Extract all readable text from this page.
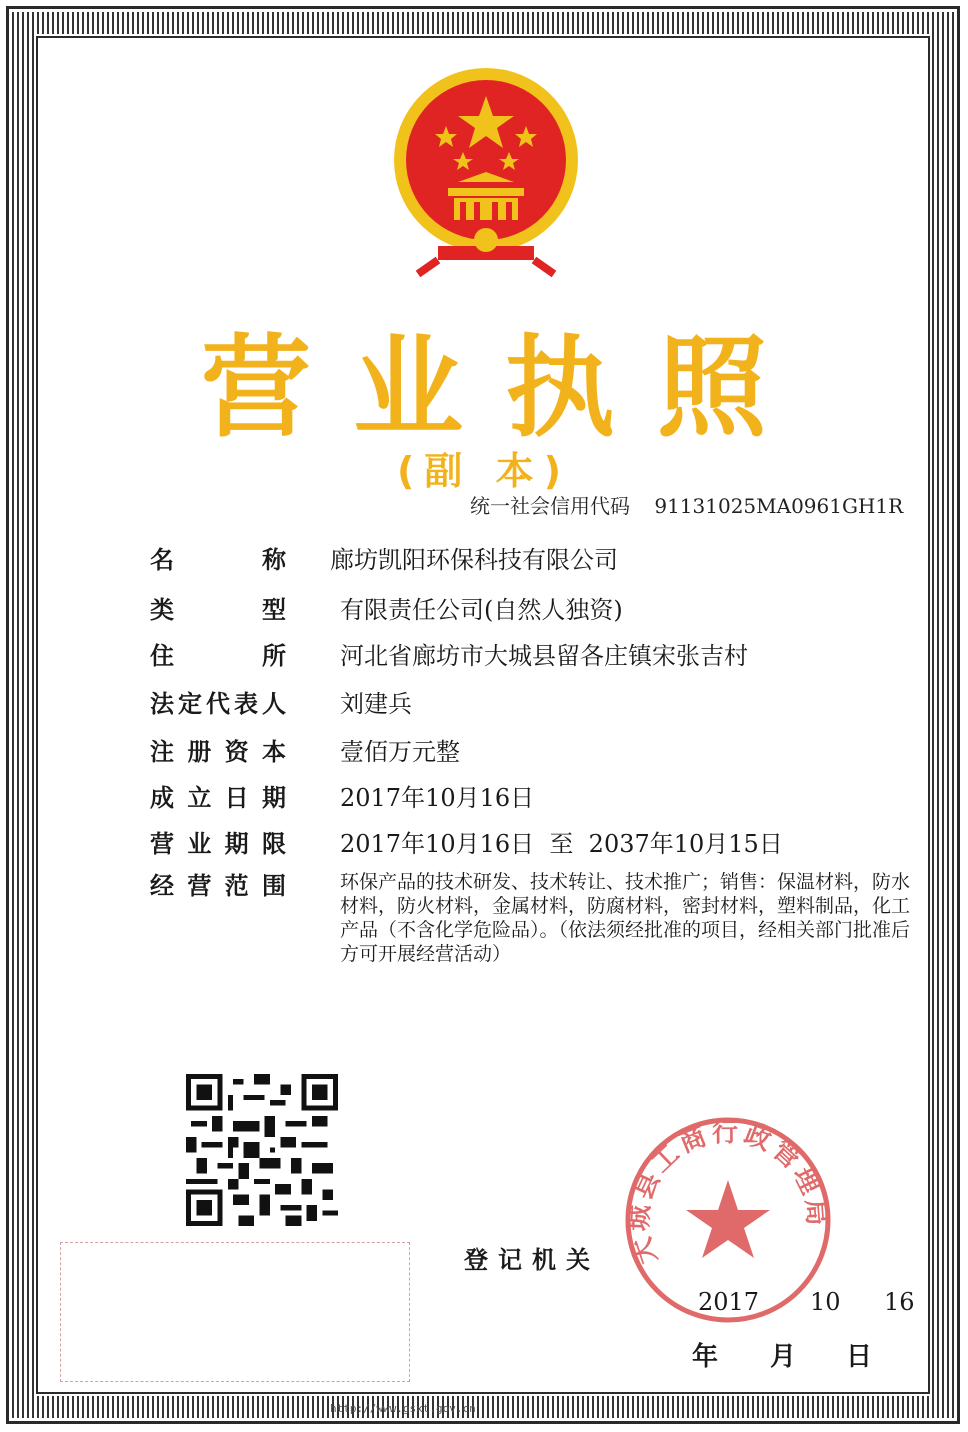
营业执照
(副 本)
统一社会信用代码 91131025MA0961GH1R
名称 廊坊凯阳环保科技有限公司
类型 有限责任公司(自然人独资)
住所 河北省廊坊市大城县留各庄镇宋张吉村
法定代表人 刘建兵
注册资本 壹佰万元整
成立日期 2017年10月16日
营业期限 2017年10月16日  至  2037年10月15日
经营范围	环保产品的技术研发、技术转让、技术推广；销售：保温材料，防水材料，防火材料，金属材料，防腐材料，密封材料，塑料制品，化工产品（不含化学危险品）。（依法须经批准的项目，经相关部门批准后方可开展经营活动）
登记机关 大城县工商行政管理局
2017 10 16
年 月 日
http://www.gsxt.gov.cn
